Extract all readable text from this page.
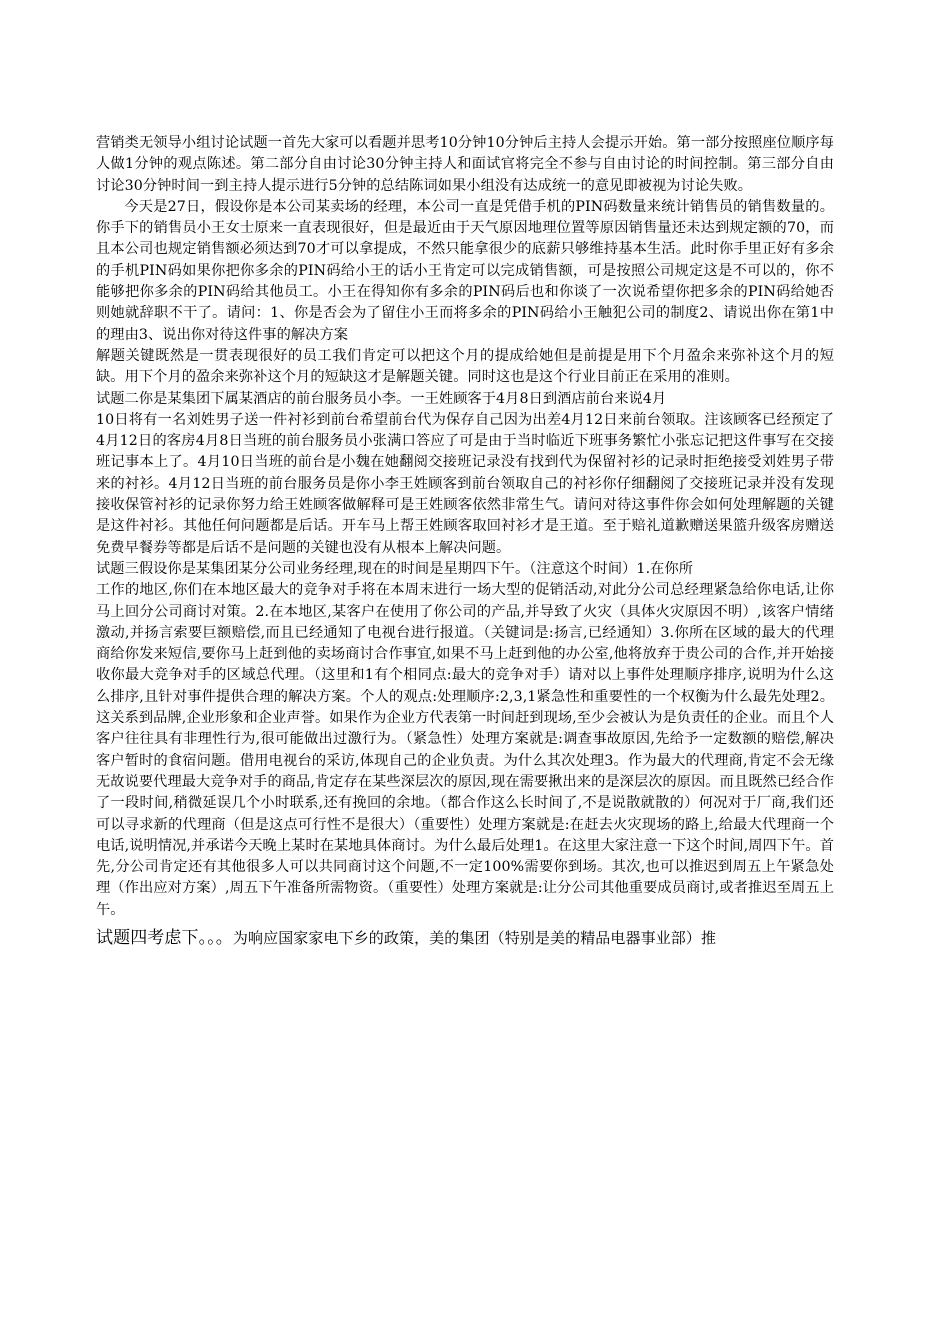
营销类无领导小组讨论试题一首先大家可以看题并思考10分钟10分钟后主持人会提示开始。第一部分按照座位顺序每人做1分钟的观点陈述。第二部分自由讨论30分钟主持人和面试官将完全不参与自由讨论的时间控制。第三部分自由讨论30分钟时间一到主持人提示进行5分钟的总结陈词如果小组没有达成统一的意见即被视为讨论失败。

今天是27日，假设你是本公司某卖场的经理，本公司一直是凭借手机的PIN码数量来统计销售员的销售数量的。你手下的销售员小王女士原来一直表现很好，但是最近由于天气原因地理位置等原因销售量还未达到规定额的70，而且本公司也规定销售额必须达到70才可以拿提成，不然只能拿很少的底薪只够维持基本生活。此时你手里正好有多余的手机PIN码如果你把你多余的PIN码给小王的话小王肯定可以完成销售额，可是按照公司规定这是不可以的，你不能够把你多余的PIN码给其他员工。小王在得知你有多余的PIN码后也和你谈了一次说希望你把多余的PIN码给她否则她就辞职不干了。请问：1、你是否会为了留住小王而将多余的PIN码给小王触犯公司的制度2、请说出你在第1中的理由3、说出你对待这件事的解决方案

解题关键既然是一贯表现很好的员工我们肯定可以把这个月的提成给她但是前提是用下个月盈余来弥补这个月的短缺。用下个月的盈余来弥补这个月的短缺这才是解题关键。同时这也是这个行业目前正在采用的准则。

试题二你是某集团下属某酒店的前台服务员小李。一王姓顾客于4月8日到酒店前台来说4月

10日将有一名刘姓男子送一件衬衫到前台希望前台代为保存自己因为出差4月12日来前台领取。注该顾客已经预定了4月12日的客房4月8日当班的前台服务员小张满口答应了可是由于当时临近下班事务繁忙小张忘记把这件事写在交接班记事本上了。4月10日当班的前台是小魏在她翻阅交接班记录没有找到代为保留衬衫的记录时拒绝接受刘姓男子带来的衬衫。4月12日当班的前台服务员是你小李王姓顾客到前台领取自己的衬衫你仔细翻阅了交接班记录并没有发现接收保管衬衫的记录你努力给王姓顾客做解释可是王姓顾客依然非常生气。请问对待这事件你会如何处理解题的关键是这件衬衫。其他任何问题都是后话。开车马上帮王姓顾客取回衬衫才是王道。至于赔礼道歉赠送果篮升级客房赠送免费早餐券等都是后话不是问题的关键也没有从根本上解决问题。

试题三假设你是某集团某分公司业务经理,现在的时间是星期四下午。（注意这个时间）1.在你所

工作的地区,你们在本地区最大的竞争对手将在本周末进行一场大型的促销活动,对此分公司总经理紧急给你电话,让你马上回分公司商讨对策。2.在本地区,某客户在使用了你公司的产品,并导致了火灾（具体火灾原因不明）,该客户情绪激动,并扬言索要巨额赔偿,而且已经通知了电视台进行报道。（关键词是:扬言,已经通知）3.你所在区域的最大的代理商给你发来短信,要你马上赶到他的卖场商讨合作事宜,如果不马上赶到他的办公室,他将放弃于贵公司的合作,并开始接收你最大竞争对手的区域总代理。（这里和1有个相同点:最大的竞争对手）请对以上事件处理顺序排序,说明为什么这么排序,且针对事件提供合理的解决方案。个人的观点:处理顺序:2,3,1紧急性和重要性的一个权衡为什么最先处理2。这关系到品牌,企业形象和企业声誉。如果作为企业方代表第一时间赶到现场,至少会被认为是负责任的企业。而且个人客户往往具有非理性行为,很可能做出过激行为。（紧急性）处理方案就是:调查事故原因,先给予一定数额的赔偿,解决客户暂时的食宿问题。借用电视台的采访,体现自己的企业负责。为什么其次处理3。作为最大的代理商,肯定不会无缘无故说要代理最大竞争对手的商品,肯定存在某些深层次的原因,现在需要揪出来的是深层次的原因。而且既然已经合作了一段时间,稍微延误几个小时联系,还有挽回的余地。（都合作这么长时间了,不是说散就散的）何况对于厂商,我们还可以寻求新的代理商（但是这点可行性不是很大）（重要性）处理方案就是:在赶去火灾现场的路上,给最大代理商一个电话,说明情况,并承诺今天晚上某时在某地具体商讨。为什么最后处理1。在这里大家注意一下这个时间,周四下午。首先,分公司肯定还有其他很多人可以共同商讨这个问题,不一定100%需要你到场。其次,也可以推迟到周五上午紧急处理（作出应对方案）,周五下午准备所需物资。（重要性）处理方案就是:让分公司其他重要成员商讨,或者推迟至周五上午。

试题四考虑下。。。为响应国家家电下乡的政策，美的集团（特别是美的精品电器事业部）推
